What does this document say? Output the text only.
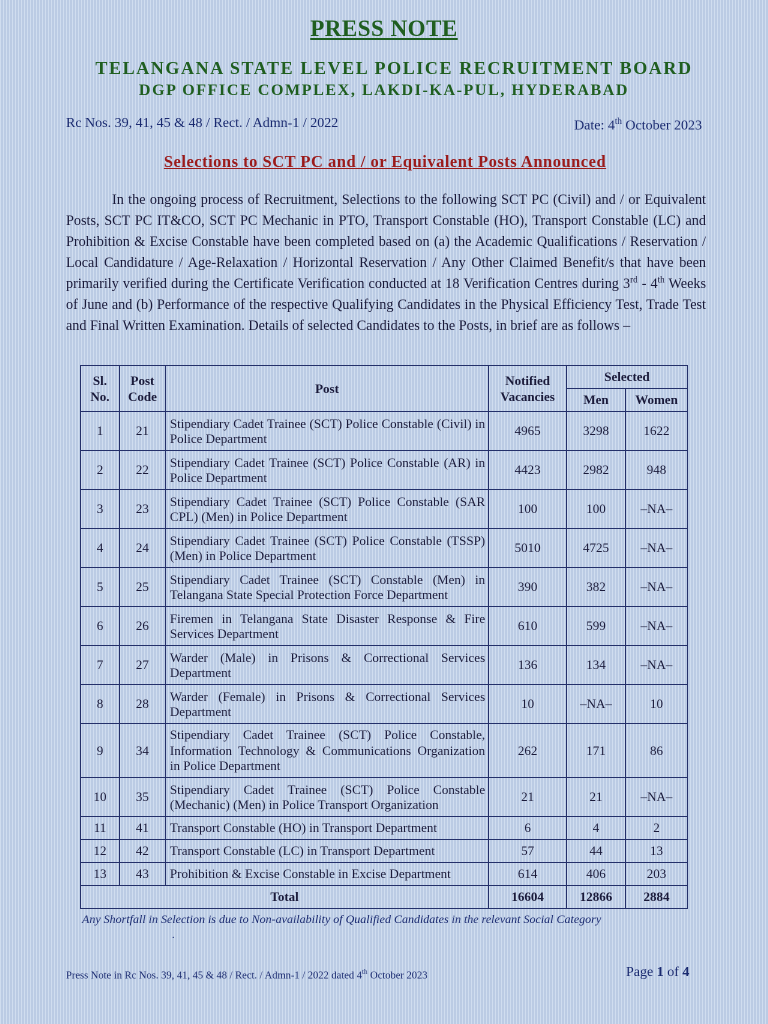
PRESS NOTE
TELANGANA STATE LEVEL POLICE RECRUITMENT BOARD
DGP OFFICE COMPLEX, LAKDI-KA-PUL, HYDERABAD
Rc Nos. 39, 41, 45 & 48 / Rect. / Admn-1 / 2022	Date: 4th October 2023
Selections to SCT PC and / or Equivalent Posts Announced
In the ongoing process of Recruitment, Selections to the following SCT PC (Civil) and / or Equivalent Posts, SCT PC IT&CO, SCT PC Mechanic in PTO, Transport Constable (HO), Transport Constable (LC) and Prohibition & Excise Constable have been completed based on (a) the Academic Qualifications / Reservation / Local Candidature / Age-Relaxation / Horizontal Reservation / Any Other Claimed Benefit/s that have been primarily verified during the Certificate Verification conducted at 18 Verification Centres during 3rd - 4th Weeks of June and (b) Performance of the respective Qualifying Candidates in the Physical Efficiency Test, Trade Test and Final Written Examination. Details of selected Candidates to the Posts, in brief are as follows –
Sl. No.	Post Code	Post	Notified Vacancies	Selected	
				Men	Women
1	21	Stipendiary Cadet Trainee (SCT) Police Constable (Civil) in Police Department	4965	3298	1622
2	22	Stipendiary Cadet Trainee (SCT) Police Constable (AR) in Police Department	4423	2982	948
3	23	Stipendiary Cadet Trainee (SCT) Police Constable (SAR CPL) (Men) in Police Department	100	100	–NA–
4	24	Stipendiary Cadet Trainee (SCT) Police Constable (TSSP) (Men) in Police Department	5010	4725	–NA–
5	25	Stipendiary Cadet Trainee (SCT) Constable (Men) in Telangana State Special Protection Force Department	390	382	–NA–
6	26	Firemen in Telangana State Disaster Response & Fire Services Department	610	599	–NA–
7	27	Warder (Male) in Prisons & Correctional Services Department	136	134	–NA–
8	28	Warder (Female) in Prisons & Correctional Services Department	10	–NA–	10
9	34	Stipendiary Cadet Trainee (SCT) Police Constable, Information Technology & Communications Organization in Police Department	262	171	86
10	35	Stipendiary Cadet Trainee (SCT) Police Constable (Mechanic) (Men) in Police Transport Organization	21	21	–NA–
11	41	Transport Constable (HO) in Transport Department	6	4	2
12	42	Transport Constable (LC) in Transport Department	57	44	13
13	43	Prohibition & Excise Constable in Excise Department	614	406	203
Total			16604	12866	2884
Any Shortfall in Selection is due to Non-availability of Qualified Candidates in the relevant Social Category
.
Press Note in Rc Nos. 39, 41, 45 & 48 / Rect. / Admn-1 / 2022 dated 4th October 2023	Page 1 of 4
